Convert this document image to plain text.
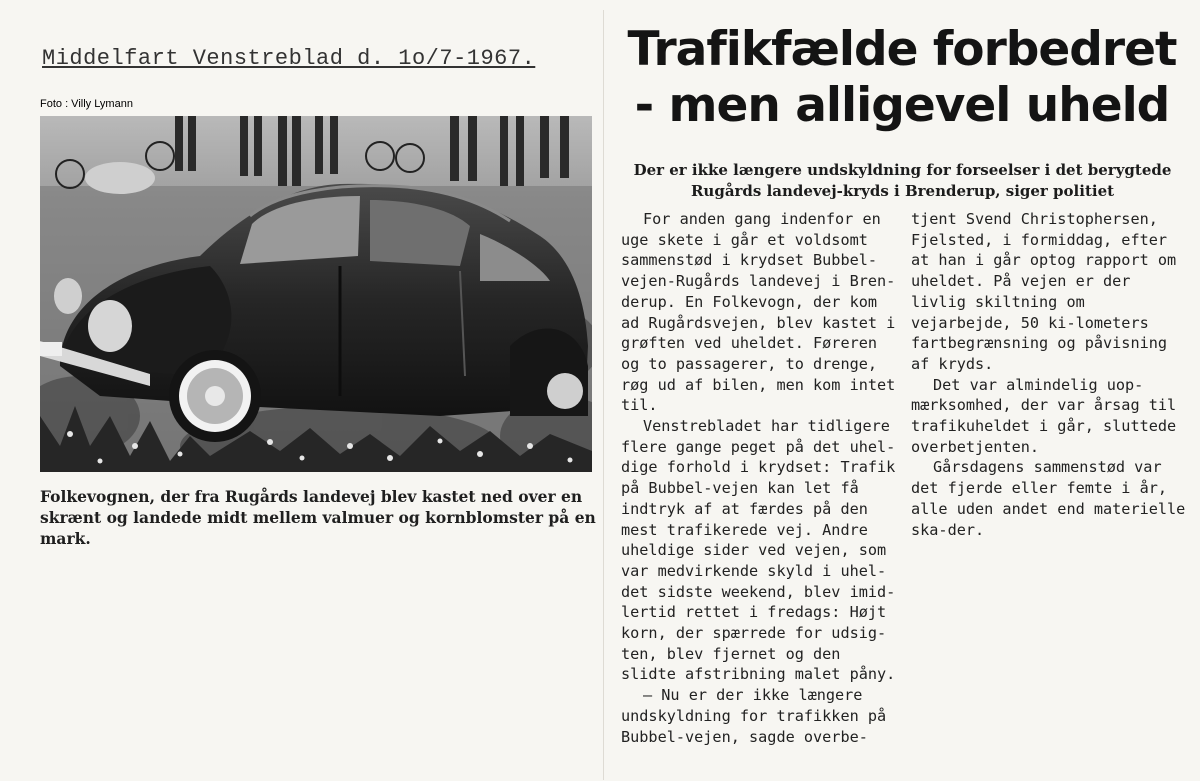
Middelfart Venstreblad d. 1o/7-1967.
Foto : Villy Lymann

Folkevognen, der fra Rugårds landevej blev kastet ned over en skrænt og landede midt mellem valmuer og kornblomster på en mark.

Trafikfælde forbedret
- men alligevel uheld

Der er ikke længere undskyldning for forseelser i det berygtede Rugårds landevej-kryds i Brenderup, siger politiet

For anden gang indenfor en uge skete i går et voldsomt sammenstød i krydset Bubbel-vejen-Rugårds landevej i Bren-derup. En Folkevogn, der kom ad Rugårdsvejen, blev kastet i grøften ved uheldet. Føreren og to passagerer, to drenge, røg ud af bilen, men kom intet til.

Venstrebladet har tidligere flere gange peget på det uhel-dige forhold i krydset: Trafik på Bubbel-vejen kan let få indtryk af at færdes på den mest trafikerede vej. Andre uheldige sider ved vejen, som var medvirkende skyld i uhel-det sidste weekend, blev imid-lertid rettet i fredags: Højt korn, der spærrede for udsig-ten, blev fjernet og den slidte afstribning malet påny.

— Nu er der ikke længere undskyldning for trafikken på Bubbel-vejen, sagde overbe-

tjent Svend Christophersen, Fjelsted, i formiddag, efter at han i går optog rapport om uheldet. På vejen er der livlig skiltning om vejarbejde, 50 ki-lometers fartbegrænsning og påvisning af kryds.

Det var almindelig uop-mærksomhed, der var årsag til trafikuheldet i går, sluttede overbetjenten.

Gårsdagens sammenstød var det fjerde eller femte i år, alle uden andet end materielle ska-der.
